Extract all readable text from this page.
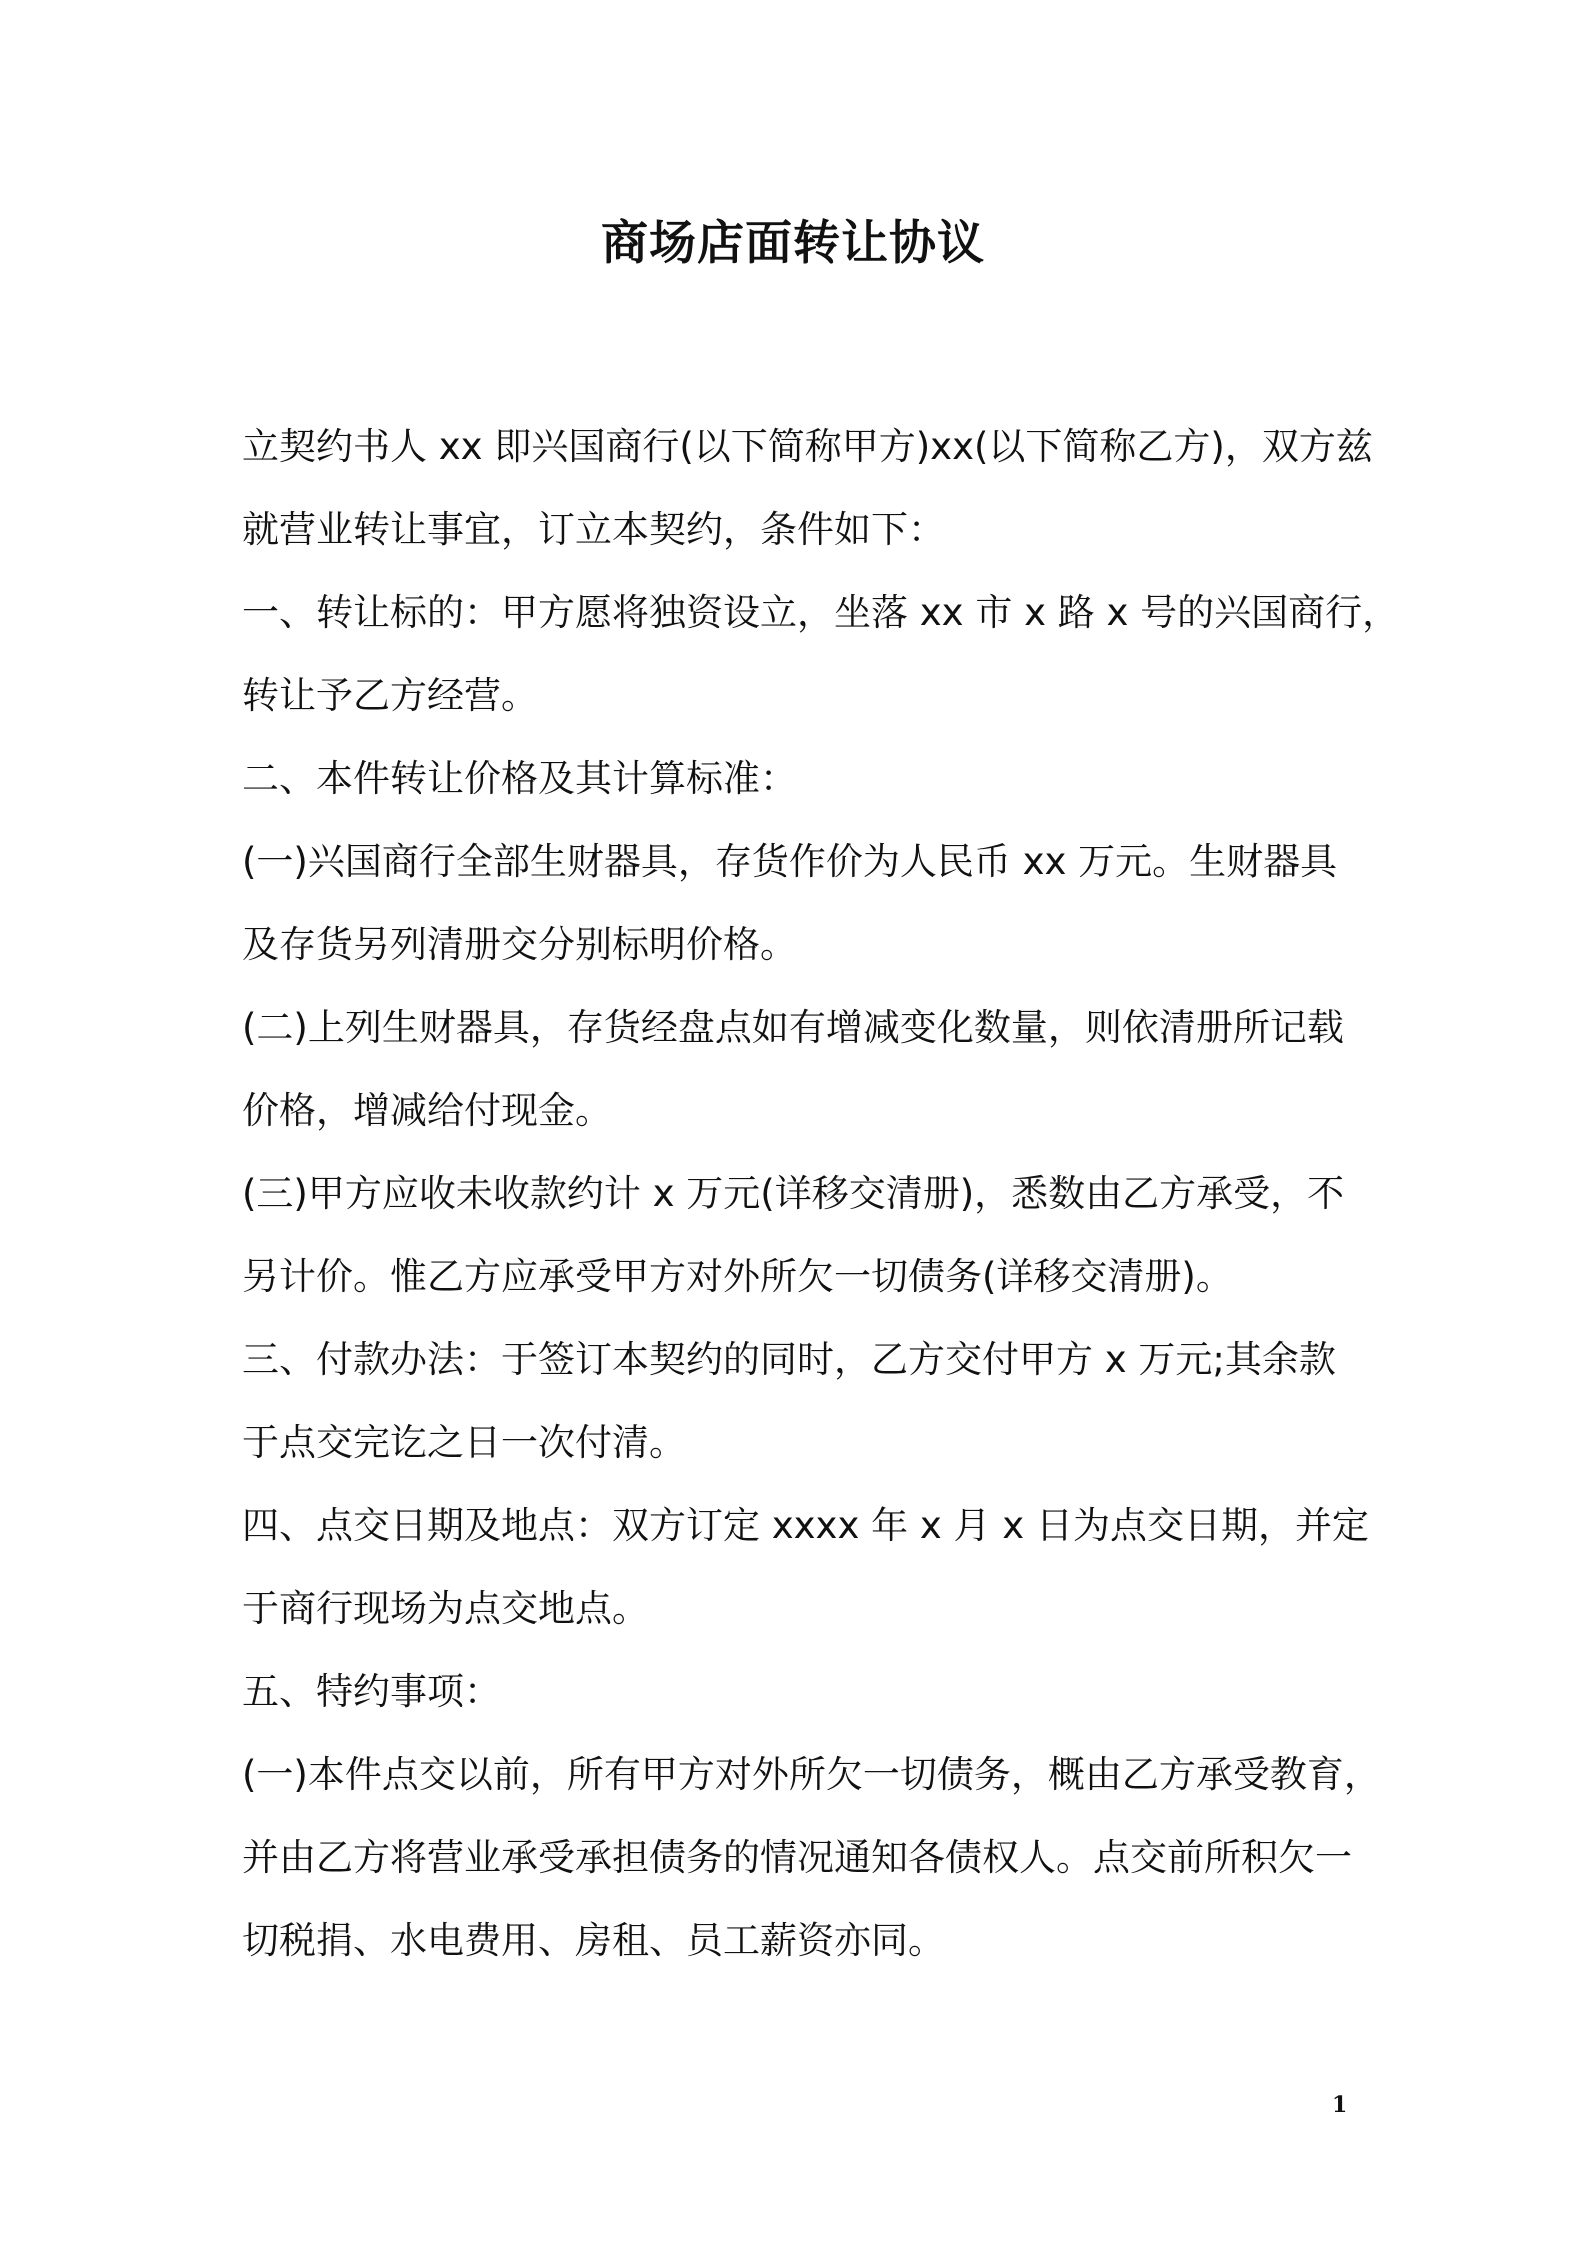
商场店面转让协议

立契约书人 xx 即兴国商行(以下简称甲方)xx(以下简称乙方)，双方兹

就营业转让事宜，订立本契约，条件如下：

一、转让标的：甲方愿将独资设立，坐落 xx 市 x 路 x 号的兴国商行，

转让予乙方经营。

二、本件转让价格及其计算标准：

(一)兴国商行全部生财器具，存货作价为人民币 xx 万元。生财器具

及存货另列清册交分别标明价格。

(二)上列生财器具，存货经盘点如有增减变化数量，则依清册所记载

价格，增减给付现金。

(三)甲方应收未收款约计 x 万元(详移交清册)，悉数由乙方承受，不

另计价。惟乙方应承受甲方对外所欠一切债务(详移交清册)。

三、付款办法：于签订本契约的同时，乙方交付甲方 x 万元;其余款

于点交完讫之日一次付清。

四、点交日期及地点：双方订定 xxxx 年 x 月 x 日为点交日期，并定

于商行现场为点交地点。

五、特约事项：

(一)本件点交以前，所有甲方对外所欠一切债务，概由乙方承受教育，

并由乙方将营业承受承担债务的情况通知各债权人。点交前所积欠一

切税捐、水电费用、房租、员工薪资亦同。

1
